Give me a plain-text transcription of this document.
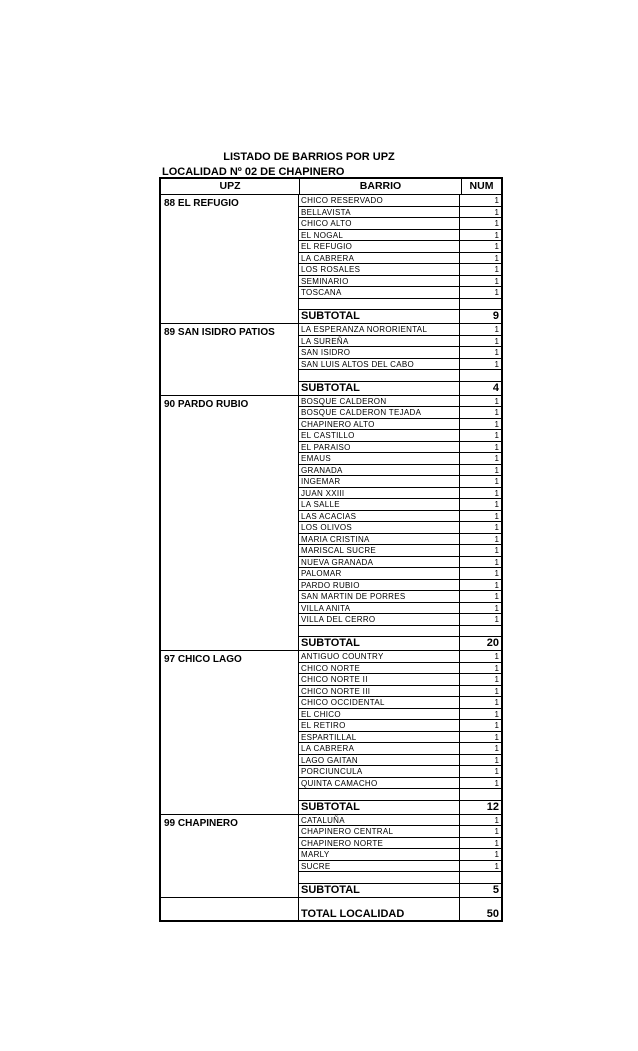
LISTADO DE BARRIOS POR UPZ
LOCALIDAD Nº 02 DE CHAPINERO
UPZ	BARRIO	NUM
88 EL REFUGIO	CHICO RESERVADO	1
BELLAVISTA	1
CHICO ALTO	1
EL NOGAL	1
EL REFUGIO	1
LA CABRERA	1
LOS ROSALES	1
SEMINARIO	1
TOSCANA	1
SUBTOTAL	9
89 SAN ISIDRO PATIOS	LA ESPERANZA NORORIENTAL	1
LA SUREÑA	1
SAN ISIDRO	1
SAN LUIS ALTOS DEL CABO	1
SUBTOTAL	4
90 PARDO RUBIO	BOSQUE CALDERON	1
BOSQUE CALDERON TEJADA	1
CHAPINERO ALTO	1
EL CASTILLO	1
EL PARAISO	1
EMAUS	1
GRANADA	1
INGEMAR	1
JUAN XXIII	1
LA SALLE	1
LAS ACACIAS	1
LOS OLIVOS	1
MARIA CRISTINA	1
MARISCAL SUCRE	1
NUEVA GRANADA	1
PALOMAR	1
PARDO RUBIO	1
SAN MARTIN DE PORRES	1
VILLA ANITA	1
VILLA DEL CERRO	1
SUBTOTAL	20
97 CHICO LAGO	ANTIGUO COUNTRY	1
CHICO NORTE	1
CHICO NORTE II	1
CHICO NORTE III	1
CHICO OCCIDENTAL	1
EL CHICO	1
EL RETIRO	1
ESPARTILLAL	1
LA CABRERA	1
LAGO GAITAN	1
PORCIUNCULA	1
QUINTA CAMACHO	1
SUBTOTAL	12
99 CHAPINERO	CATALUÑA	1
CHAPINERO CENTRAL	1
CHAPINERO NORTE	1
MARLY	1
SUCRE	1
SUBTOTAL	5
TOTAL LOCALIDAD	50
